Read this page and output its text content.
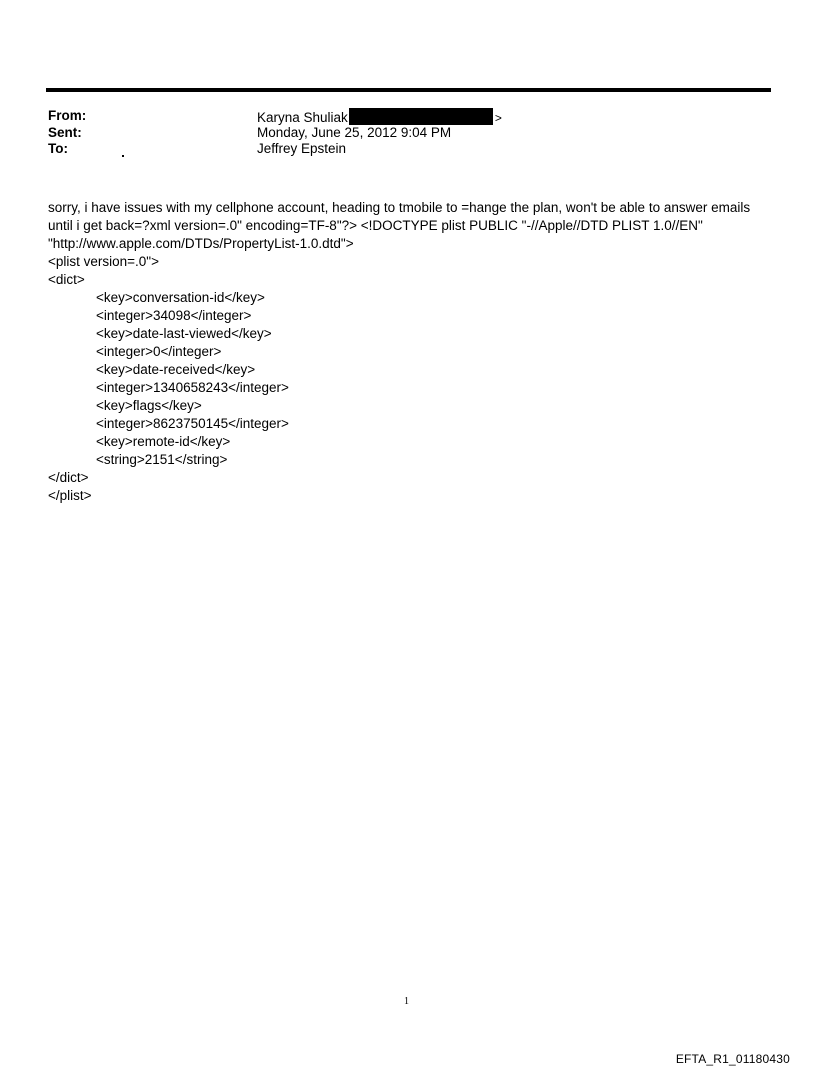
From:	Karyna Shuliak	>
Sent:	Monday, June 25, 2012 9:04 PM
To:	Jeffrey Epstein
sorry, i have issues with my cellphone account, heading to tmobile to =hange the plan, won't be able to answer emails
until i get back=?xml version=.0" encoding=TF-8"?> <!DOCTYPE plist PUBLIC "-//Apple//DTD PLIST 1.0//EN"
"http://www.apple.com/DTDs/PropertyList-1.0.dtd">
<plist version=.0">
<dict>
<key>conversation-id</key>
<integer>34098</integer>
<key>date-last-viewed</key>
<integer>0</integer>
<key>date-received</key>
<integer>1340658243</integer>
<key>flags</key>
<integer>8623750145</integer>
<key>remote-id</key>
<string>2151</string>
</dict>
</plist>
1
EFTA_R1_01180430
